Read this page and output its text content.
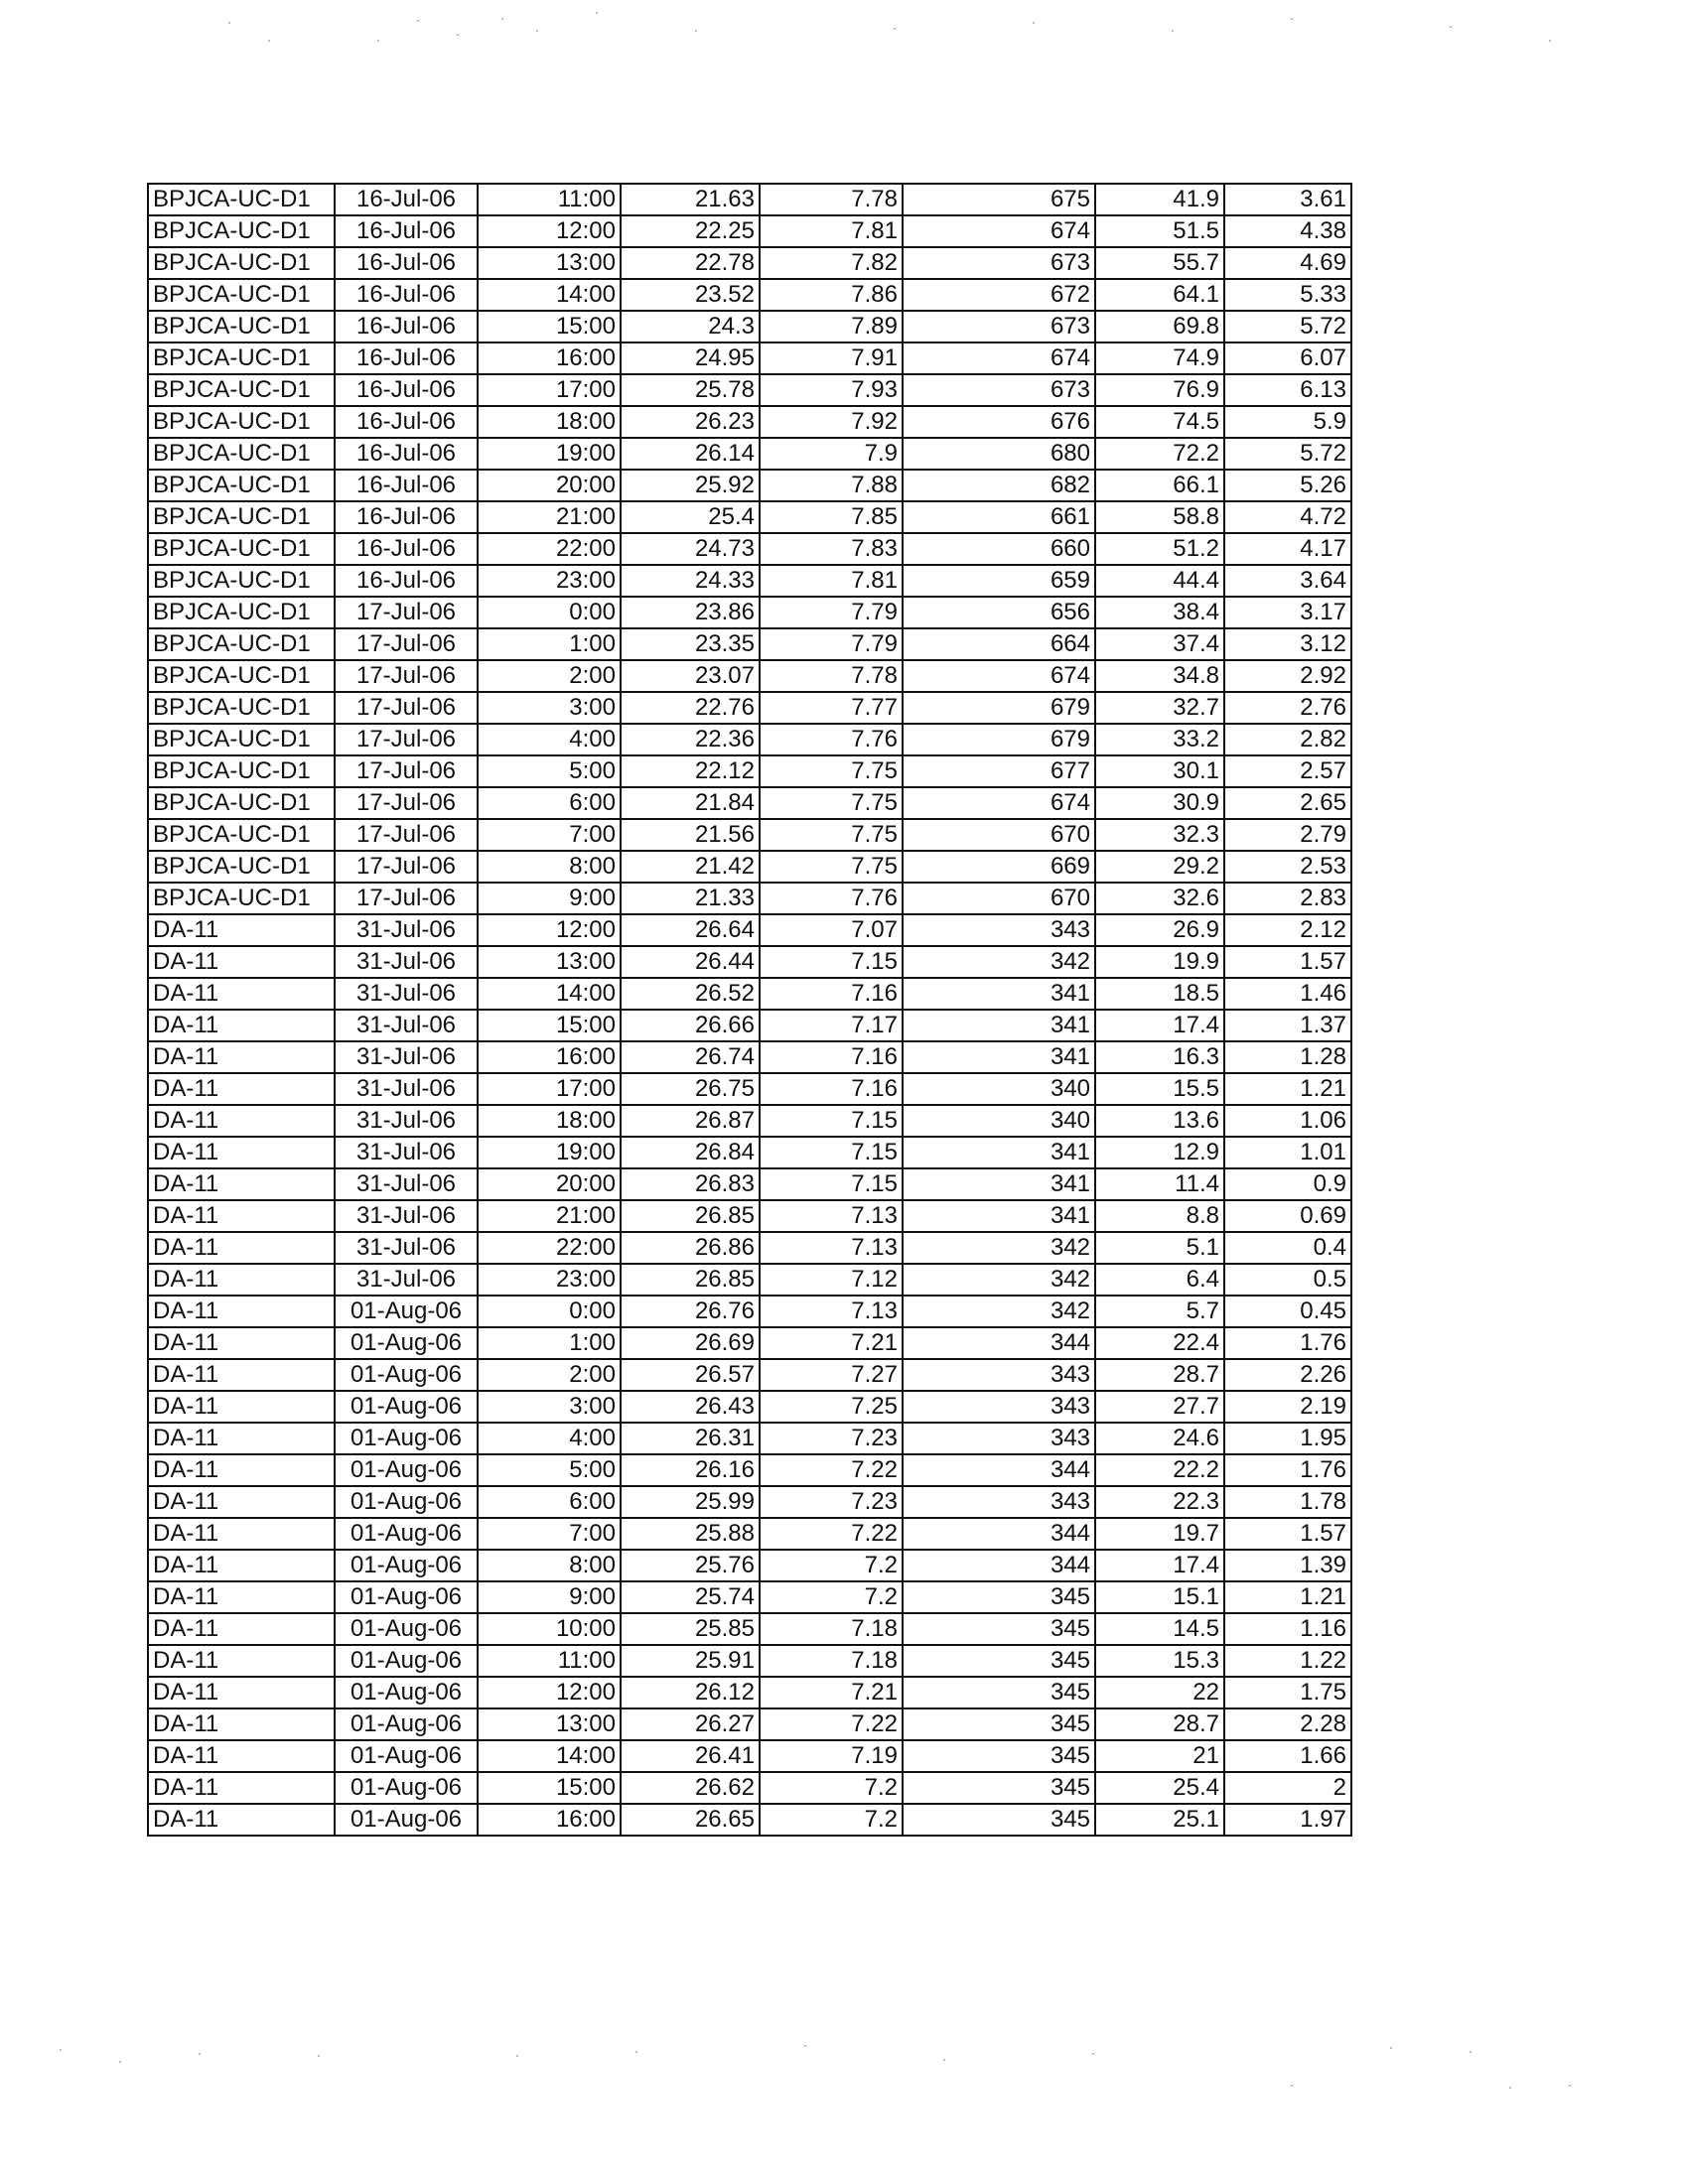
BPJCA-UC-D1	16-Jul-06	11:00	21.63	7.78	675	41.9	3.61
BPJCA-UC-D1	16-Jul-06	12:00	22.25	7.81	674	51.5	4.38
BPJCA-UC-D1	16-Jul-06	13:00	22.78	7.82	673	55.7	4.69
BPJCA-UC-D1	16-Jul-06	14:00	23.52	7.86	672	64.1	5.33
BPJCA-UC-D1	16-Jul-06	15:00	24.3	7.89	673	69.8	5.72
BPJCA-UC-D1	16-Jul-06	16:00	24.95	7.91	674	74.9	6.07
BPJCA-UC-D1	16-Jul-06	17:00	25.78	7.93	673	76.9	6.13
BPJCA-UC-D1	16-Jul-06	18:00	26.23	7.92	676	74.5	5.9
BPJCA-UC-D1	16-Jul-06	19:00	26.14	7.9	680	72.2	5.72
BPJCA-UC-D1	16-Jul-06	20:00	25.92	7.88	682	66.1	5.26
BPJCA-UC-D1	16-Jul-06	21:00	25.4	7.85	661	58.8	4.72
BPJCA-UC-D1	16-Jul-06	22:00	24.73	7.83	660	51.2	4.17
BPJCA-UC-D1	16-Jul-06	23:00	24.33	7.81	659	44.4	3.64
BPJCA-UC-D1	17-Jul-06	0:00	23.86	7.79	656	38.4	3.17
BPJCA-UC-D1	17-Jul-06	1:00	23.35	7.79	664	37.4	3.12
BPJCA-UC-D1	17-Jul-06	2:00	23.07	7.78	674	34.8	2.92
BPJCA-UC-D1	17-Jul-06	3:00	22.76	7.77	679	32.7	2.76
BPJCA-UC-D1	17-Jul-06	4:00	22.36	7.76	679	33.2	2.82
BPJCA-UC-D1	17-Jul-06	5:00	22.12	7.75	677	30.1	2.57
BPJCA-UC-D1	17-Jul-06	6:00	21.84	7.75	674	30.9	2.65
BPJCA-UC-D1	17-Jul-06	7:00	21.56	7.75	670	32.3	2.79
BPJCA-UC-D1	17-Jul-06	8:00	21.42	7.75	669	29.2	2.53
BPJCA-UC-D1	17-Jul-06	9:00	21.33	7.76	670	32.6	2.83
DA-11	31-Jul-06	12:00	26.64	7.07	343	26.9	2.12
DA-11	31-Jul-06	13:00	26.44	7.15	342	19.9	1.57
DA-11	31-Jul-06	14:00	26.52	7.16	341	18.5	1.46
DA-11	31-Jul-06	15:00	26.66	7.17	341	17.4	1.37
DA-11	31-Jul-06	16:00	26.74	7.16	341	16.3	1.28
DA-11	31-Jul-06	17:00	26.75	7.16	340	15.5	1.21
DA-11	31-Jul-06	18:00	26.87	7.15	340	13.6	1.06
DA-11	31-Jul-06	19:00	26.84	7.15	341	12.9	1.01
DA-11	31-Jul-06	20:00	26.83	7.15	341	11.4	0.9
DA-11	31-Jul-06	21:00	26.85	7.13	341	8.8	0.69
DA-11	31-Jul-06	22:00	26.86	7.13	342	5.1	0.4
DA-11	31-Jul-06	23:00	26.85	7.12	342	6.4	0.5
DA-11	01-Aug-06	0:00	26.76	7.13	342	5.7	0.45
DA-11	01-Aug-06	1:00	26.69	7.21	344	22.4	1.76
DA-11	01-Aug-06	2:00	26.57	7.27	343	28.7	2.26
DA-11	01-Aug-06	3:00	26.43	7.25	343	27.7	2.19
DA-11	01-Aug-06	4:00	26.31	7.23	343	24.6	1.95
DA-11	01-Aug-06	5:00	26.16	7.22	344	22.2	1.76
DA-11	01-Aug-06	6:00	25.99	7.23	343	22.3	1.78
DA-11	01-Aug-06	7:00	25.88	7.22	344	19.7	1.57
DA-11	01-Aug-06	8:00	25.76	7.2	344	17.4	1.39
DA-11	01-Aug-06	9:00	25.74	7.2	345	15.1	1.21
DA-11	01-Aug-06	10:00	25.85	7.18	345	14.5	1.16
DA-11	01-Aug-06	11:00	25.91	7.18	345	15.3	1.22
DA-11	01-Aug-06	12:00	26.12	7.21	345	22	1.75
DA-11	01-Aug-06	13:00	26.27	7.22	345	28.7	2.28
DA-11	01-Aug-06	14:00	26.41	7.19	345	21	1.66
DA-11	01-Aug-06	15:00	26.62	7.2	345	25.4	2
DA-11	01-Aug-06	16:00	26.65	7.2	345	25.1	1.97
